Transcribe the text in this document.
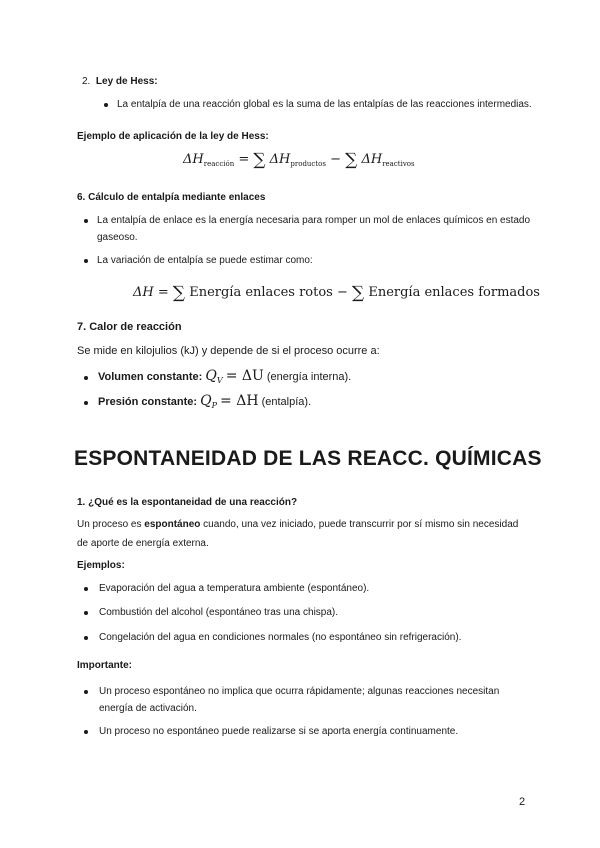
2. Ley de Hess:
La entalpía de una reacción global es la suma de las entalpías de las reacciones intermedias.
Ejemplo de aplicación de la ley de Hess:
$\Delta H_{reacción}$ = ∑ $\Delta H_{productos}$ − ∑ $\Delta H_{reactivos}$
6. Cálculo de entalpía mediante enlaces
La entalpía de enlace es la energía necesaria para romper un mol de enlaces químicos en estado
gaseoso.
La variación de entalpía se puede estimar como:
ΔH = ∑ Energía enlaces rotos − ∑ Energía enlaces formados
7. Calor de reacción
Se mide en kilojulios (kJ) y depende de si el proceso ocurre a:
Volumen constante: $Q_V = \Delta U$ (energía interna).
Presión constante: $Q_P = \Delta H$ (entalpía).
ESPONTANEIDAD DE LAS REACC. QUÍMICAS
1. ¿Qué es la espontaneidad de una reacción?
Un proceso es espontáneo cuando, una vez iniciado, puede transcurrir por sí mismo sin necesidad
de aporte de energía externa.
Ejemplos:
Evaporación del agua a temperatura ambiente (espontáneo).
Combustión del alcohol (espontáneo tras una chispa).
Congelación del agua en condiciones normales (no espontáneo sin refrigeración).
Importante:
Un proceso espontáneo no implica que ocurra rápidamente; algunas reacciones necesitan
energía de activación.
Un proceso no espontáneo puede realizarse si se aporta energía continuamente.
2
